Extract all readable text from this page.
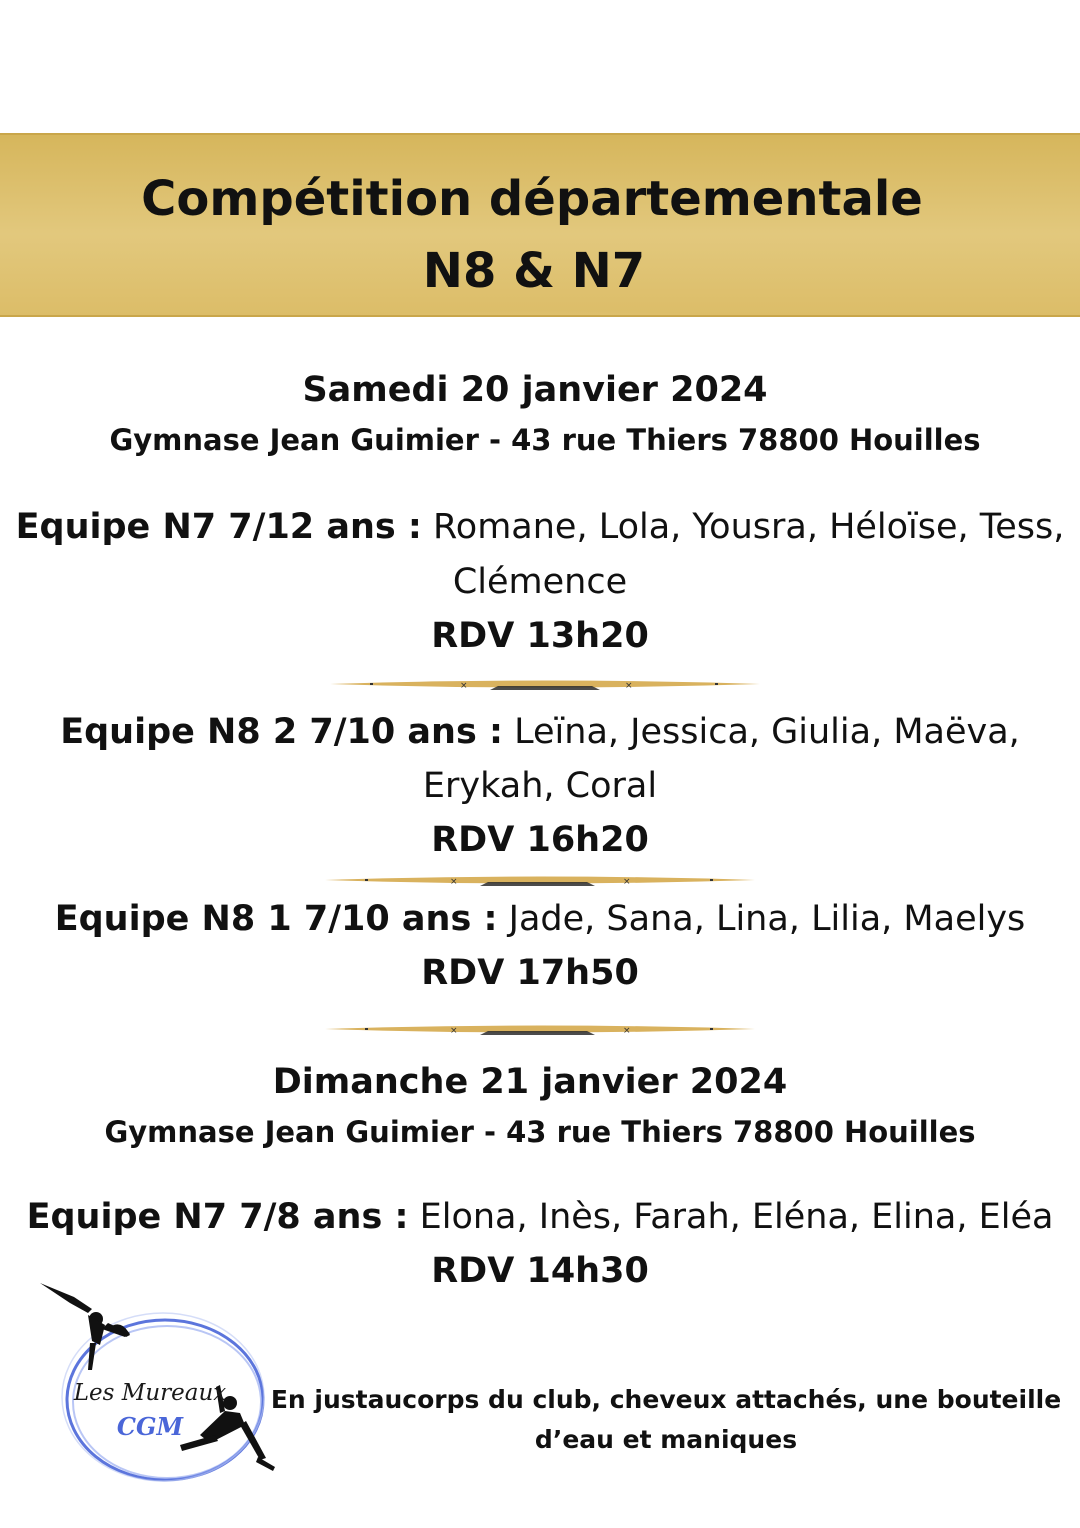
Compétition départementale
N8 & N7
Samedi 20 janvier 2024
Gymnase Jean Guimier - 43 rue Thiers 78800 Houilles
Equipe N7 7/12 ans : Romane, Lola, Yousra, Héloïse, Tess,
Clémence
RDV 13h20
×	×
Equipe N8 2 7/10 ans : Leïna, Jessica, Giulia, Maëva,
Erykah, Coral
RDV 16h20
×	×
Equipe N8 1 7/10 ans : Jade, Sana, Lina, Lilia, Maelys
RDV 17h50
×	×
Dimanche 21 janvier 2024
Gymnase Jean Guimier - 43 rue Thiers 78800 Houilles
Equipe N7 7/8 ans : Elona, Inès, Farah, Eléna, Elina, Eléa
RDV 14h30
Les Mureaux
CGM
En justaucorps du club, cheveux attachés, une bouteille
d’eau et maniques
